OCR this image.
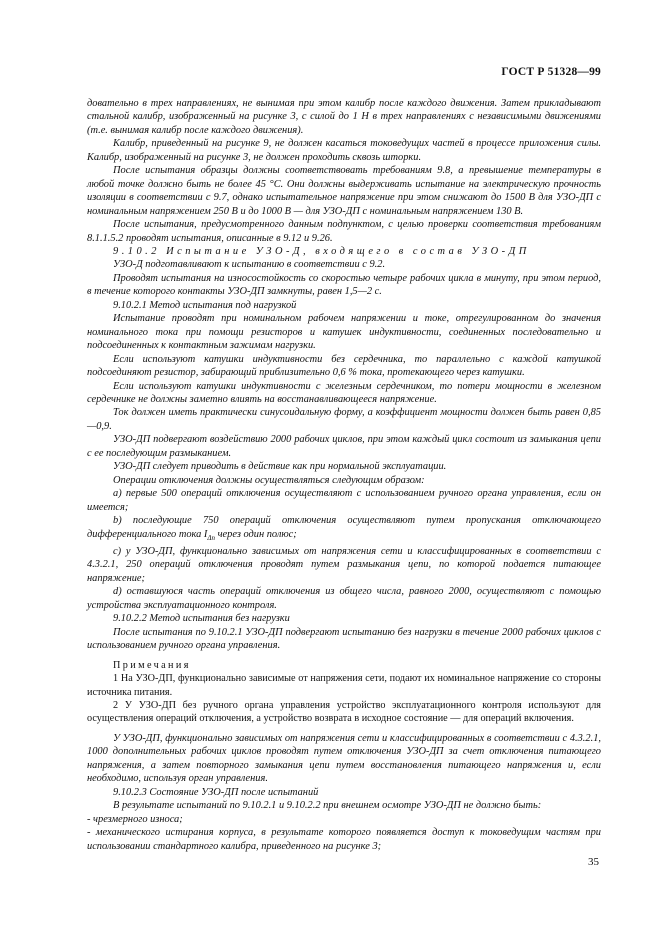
ГОСТ Р 51328—99

довательно в трех направлениях, не вынимая при этом калибр после каждого движения. Затем прикладывают стальной калибр, изображенный на рисунке 3, с силой до 1 Н в трех направлениях с независимыми движениями (т.е. вынимая калибр после каждого движения).

Калибр, приведенный на рисунке 9, не должен касаться токоведущих частей в процессе приложения силы. Калибр, изображенный на рисунке 3, не должен проходить сквозь шторки.

После испытания образцы должны соответствовать требованиям 9.8, а превышение температуры в любой точке должно быть не более 45 °С. Они должны выдерживать испытание на электрическую прочность изоляции в соответствии с 9.7, однако испытательное напряжение при этом снижают до 1500 В для УЗО-ДП с номинальным напряжением 250 В и до 1000 В — для УЗО-ДП с номинальным напряжением 130 В.

После испытания, предусмотренного данным подпунктом, с целью проверки соответствия требованиям 8.1.1.5.2 проводят испытания, описанные в 9.12 и 9.26.

9.10.2 Испытание УЗО-Д, входящего в состав УЗО-ДП

УЗО-Д подготавливают к испытанию в соответствии с 9.2.

Проводят испытания на износостойкость со скоростью четыре рабочих цикла в минуту, при этом период, в течение которого контакты УЗО-ДП замкнуты, равен 1,5—2 с.

9.10.2.1 Метод испытания под нагрузкой

Испытание проводят при номинальном рабочем напряжении и токе, отрегулированном до значения номинального тока при помощи резисторов и катушек индуктивности, соединенных последовательно и подсоединенных к контактным зажимам нагрузки.

Если используют катушки индуктивности без сердечника, то параллельно с каждой катушкой подсоединяют резистор, забирающий приблизительно 0,6 % тока, протекающего через катушки.

Если используют катушки индуктивности с железным сердечником, то потери мощности в железном сердечнике не должны заметно влиять на восстанавливающееся напряжение.

Ток должен иметь практически синусоидальную форму, а коэффициент мощности должен быть равен 0,85—0,9.

УЗО-ДП подвергают воздействию 2000 рабочих циклов, при этом каждый цикл состоит из замыкания цепи с ее последующим размыканием.

УЗО-ДП следует приводить в действие как при нормальной эксплуатации.

Операции отключения должны осуществляться следующим образом:

а) первые 500 операций отключения осуществляют с использованием ручного органа управления, если он имеется;

b) последующие 750 операций отключения осуществляют путем пропускания отключающего дифференциального тока $I_{\Delta n}$ через один полюс;

с) у УЗО-ДП, функционально зависимых от напряжения сети и классифицированных в соответствии с 4.3.2.1, 250 операций отключения проводят путем размыкания цепи, по которой подается питающее напряжение;

d) оставшуюся часть операций отключения из общего числа, равного 2000, осуществляют с помощью устройства эксплуатационного контроля.

9.10.2.2 Метод испытания без нагрузки

После испытания по 9.10.2.1 УЗО-ДП подвергают испытанию без нагрузки в течение 2000 рабочих циклов с использованием ручного органа управления.

Примечания

1 На УЗО-ДП, функционально зависимые от напряжения сети, подают их номинальное напряжение со стороны источника питания.

2 У УЗО-ДП без ручного органа управления устройство эксплуатационного контроля используют для осуществления операций отключения, а устройство возврата в исходное состояние — для операций включения.

У УЗО-ДП, функционально зависимых от напряжения сети и классифицированных в соответствии с 4.3.2.1, 1000 дополнительных рабочих циклов проводят путем отключения УЗО-ДП за счет отключения питающего напряжения, а затем повторного замыкания цепи путем восстановления питающего напряжения и, если необходимо, используя орган управления.

9.10.2.3 Состояние УЗО-ДП после испытаний

В результате испытаний по 9.10.2.1 и 9.10.2.2 при внешнем осмотре УЗО-ДП не должно быть:

- чрезмерного износа;

- механического истирания корпуса, в результате которого появляется доступ к токоведущим частям при использовании стандартного калибра, приведенного на рисунке 3;

35
